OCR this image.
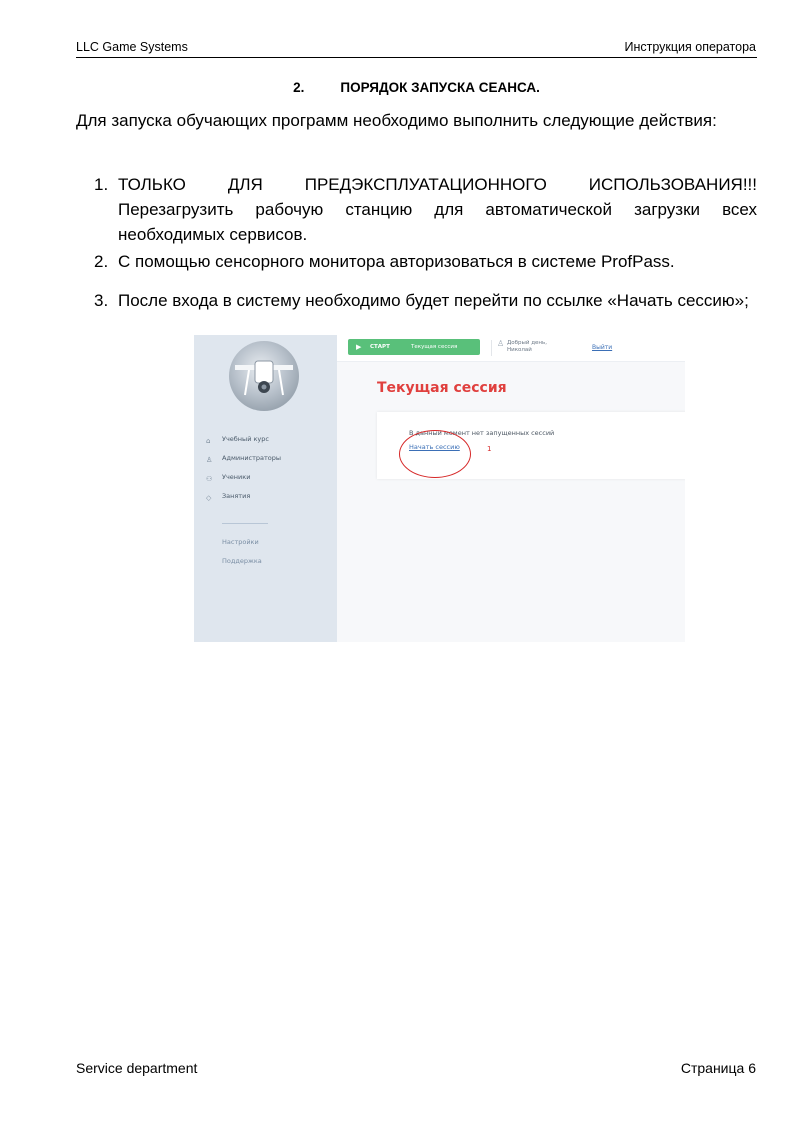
LLC Game Systems	Инструкция оператора
2.	ПОРЯДОК ЗАПУСКА СЕАНСА.
Для запуска обучающих программ необходимо выполнить следующие действия:
1. ТОЛЬКО ДЛЯ ПРЕДЭКСПЛУАТАЦИОННОГО ИСПОЛЬЗОВАНИЯ!!! Перезагрузить рабочую станцию для автоматической загрузки всех необходимых сервисов.
2. С помощью сенсорного монитора авторизоваться в системе ProfPass.
3. После входа в систему необходимо будет перейти по ссылке «Начать сессию»;
⌂ Учебный курс
♙ Администраторы
⚇ Ученики
◇ Занятия
Настройки
Поддержка
▶ СТАРТ	Текущая сессия	♙ Добрый день,
Николай	Выйти
Текущая сессия
В данный момент нет запущенных сессий
Начать сессию	1
Service department	Страница 6
